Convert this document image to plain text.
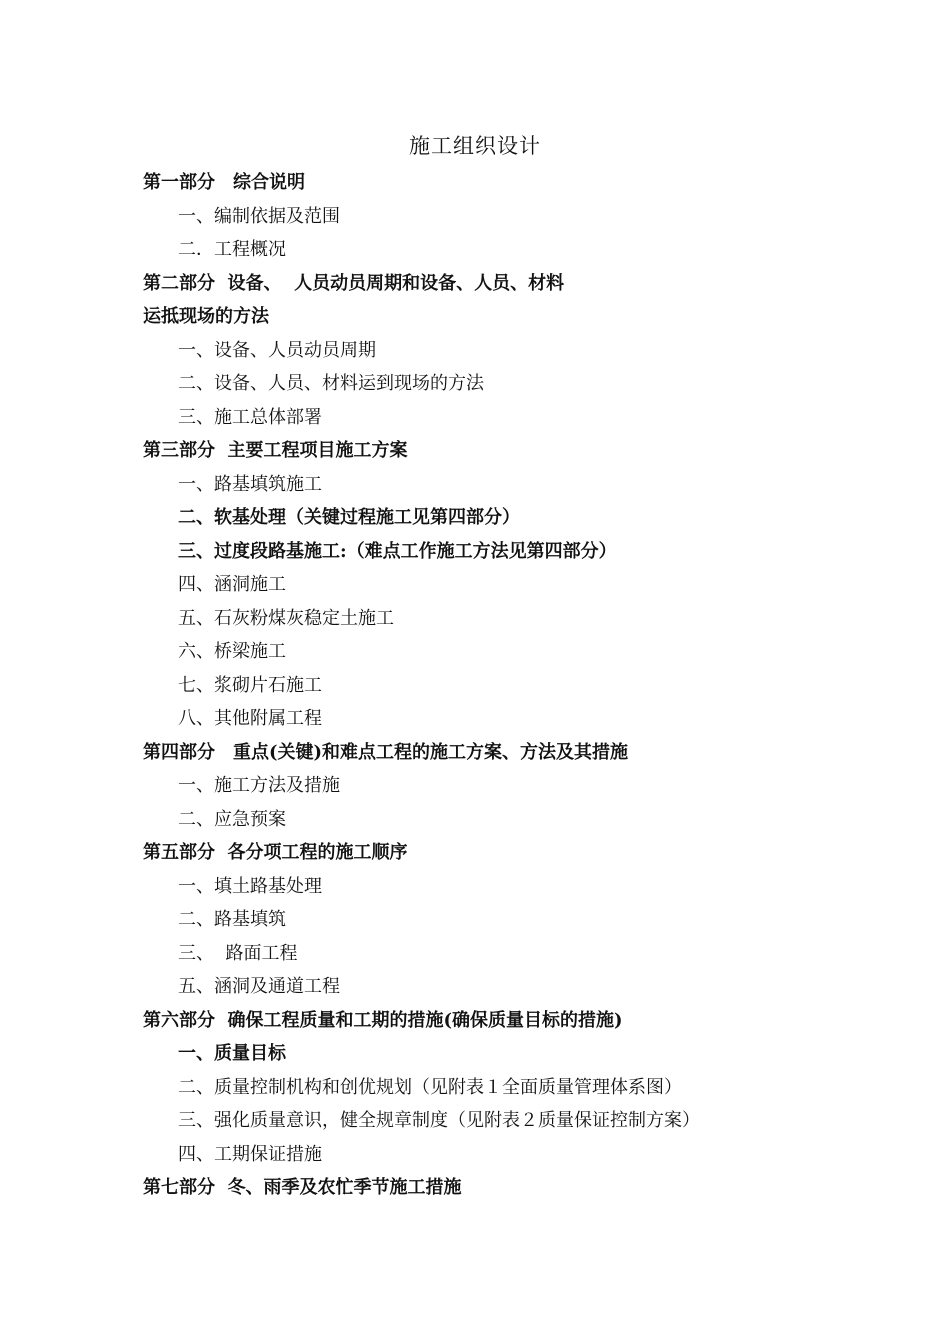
施工组织设计
第一部分　综合说明
一、编制依据及范围
二．工程概况
第二部分  设备、  人员动员周期和设备、人员、材料
运抵现场的方法
一、设备、人员动员周期
二、设备、人员、材料运到现场的方法
三、施工总体部署
第三部分  主要工程项目施工方案
一、路基填筑施工
二、软基处理（关键过程施工见第四部分）
三、过度段路基施工:（难点工作施工方法见第四部分）
四、涵洞施工
五、石灰粉煤灰稳定土施工
六、桥梁施工
七、浆砌片石施工
八、其他附属工程
第四部分　重点(关键)和难点工程的施工方案、方法及其措施
一、施工方法及措施
二、应急预案
第五部分  各分项工程的施工顺序
一、填土路基处理
二、路基填筑
三、  路面工程
五、涵洞及通道工程
第六部分  确保工程质量和工期的措施(确保质量目标的措施)
一、质量目标
二、质量控制机构和创优规划（见附表１全面质量管理体系图）
三、强化质量意识，健全规章制度（见附表２质量保证控制方案）
四、工期保证措施
第七部分  冬、雨季及农忙季节施工措施
